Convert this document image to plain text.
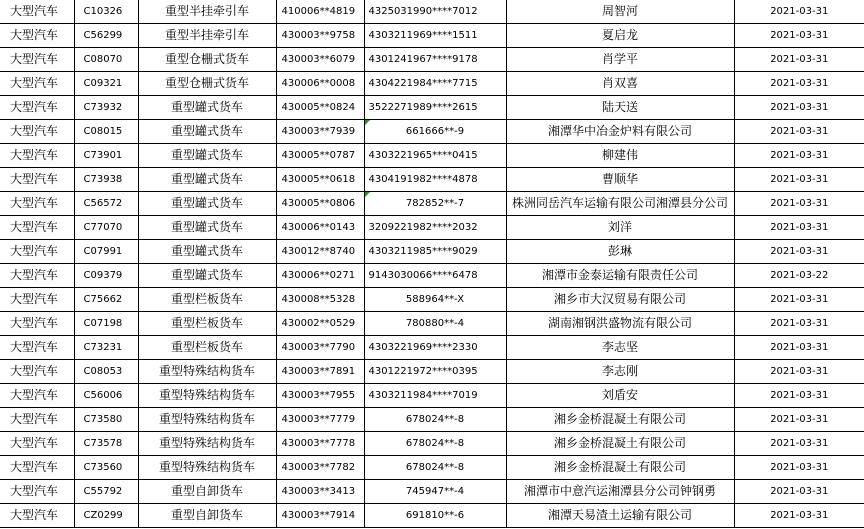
大型汽车	C10326	重型半挂牵引车	410006**4819	4325031990****7012	周智河	2021-03-31
大型汽车	C56299	重型半挂牵引车	430003**9758	4303211969****1511	夏启龙	2021-03-31
大型汽车	C08070	重型仓栅式货车	430003**6079	4301241967****9178	肖学平	2021-03-31
大型汽车	C09321	重型仓栅式货车	430006**0008	4304221984****7715	肖双喜	2021-03-31
大型汽车	C73932	重型罐式货车	430005**0824	3522271989****2615	陆天送	2021-03-31
大型汽车	C08015	重型罐式货车	430003**7939	661666**-9	湘潭华中冶金炉料有限公司	2021-03-31
大型汽车	C73901	重型罐式货车	430005**0787	4303221965****0415	柳建伟	2021-03-31
大型汽车	C73938	重型罐式货车	430005**0618	4304191982****4878	曹顺华	2021-03-31
大型汽车	C56572	重型罐式货车	430005**0806	782852**-7	株洲同岳汽车运输有限公司湘潭县分公司	2021-03-31
大型汽车	C77070	重型罐式货车	430006**0143	3209221982****2032	刘洋	2021-03-31
大型汽车	C07991	重型罐式货车	430012**8740	4303211985****9029	彭琳	2021-03-31
大型汽车	C09379	重型罐式货车	430006**0271	9143030066****6478	湘潭市金泰运输有限责任公司	2021-03-22
大型汽车	C75662	重型栏板货车	430008**5328	588964**-X	湘乡市大汉贸易有限公司	2021-03-31
大型汽车	C07198	重型栏板货车	430002**0529	780880**-4	湖南湘钢洪盛物流有限公司	2021-03-31
大型汽车	C73231	重型栏板货车	430003**7790	4303221969****2330	李志坚	2021-03-31
大型汽车	C08053	重型特殊结构货车	430003**7891	4301221972****0395	李志刚	2021-03-31
大型汽车	C56006	重型特殊结构货车	430003**7955	4303211984****7019	刘盾安	2021-03-31
大型汽车	C73580	重型特殊结构货车	430003**7779	678024**-8	湘乡金桥混凝土有限公司	2021-03-31
大型汽车	C73578	重型特殊结构货车	430003**7778	678024**-8	湘乡金桥混凝土有限公司	2021-03-31
大型汽车	C73560	重型特殊结构货车	430003**7782	678024**-8	湘乡金桥混凝土有限公司	2021-03-31
大型汽车	C55792	重型自卸货车	430003**3413	745947**-4	湘潭市中意汽运湘潭县分公司钟钢勇	2021-03-31
大型汽车	CZ0299	重型自卸货车	430003**7914	691810**-6	湘潭天易渣土运输有限公司	2021-03-31
